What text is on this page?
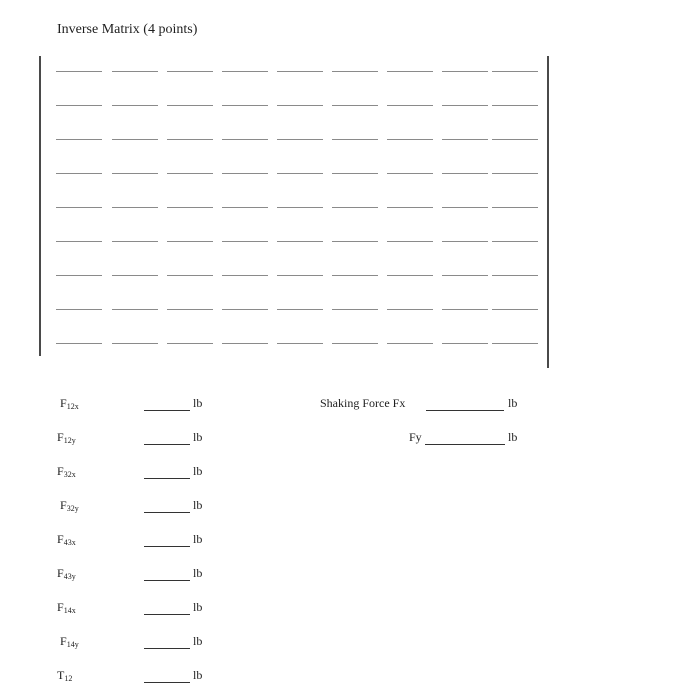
Inverse Matrix (4 points)
$F_{12x}$	lb
$F_{12y}$	lb
$F_{32x}$	lb
$F_{32y}$	lb
$F_{43x}$	lb
$F_{43y}$	lb
$F_{14x}$	lb
$F_{14y}$	lb
$T_{12}$	lb
Shaking Force Fx	lb
Fy	lb
